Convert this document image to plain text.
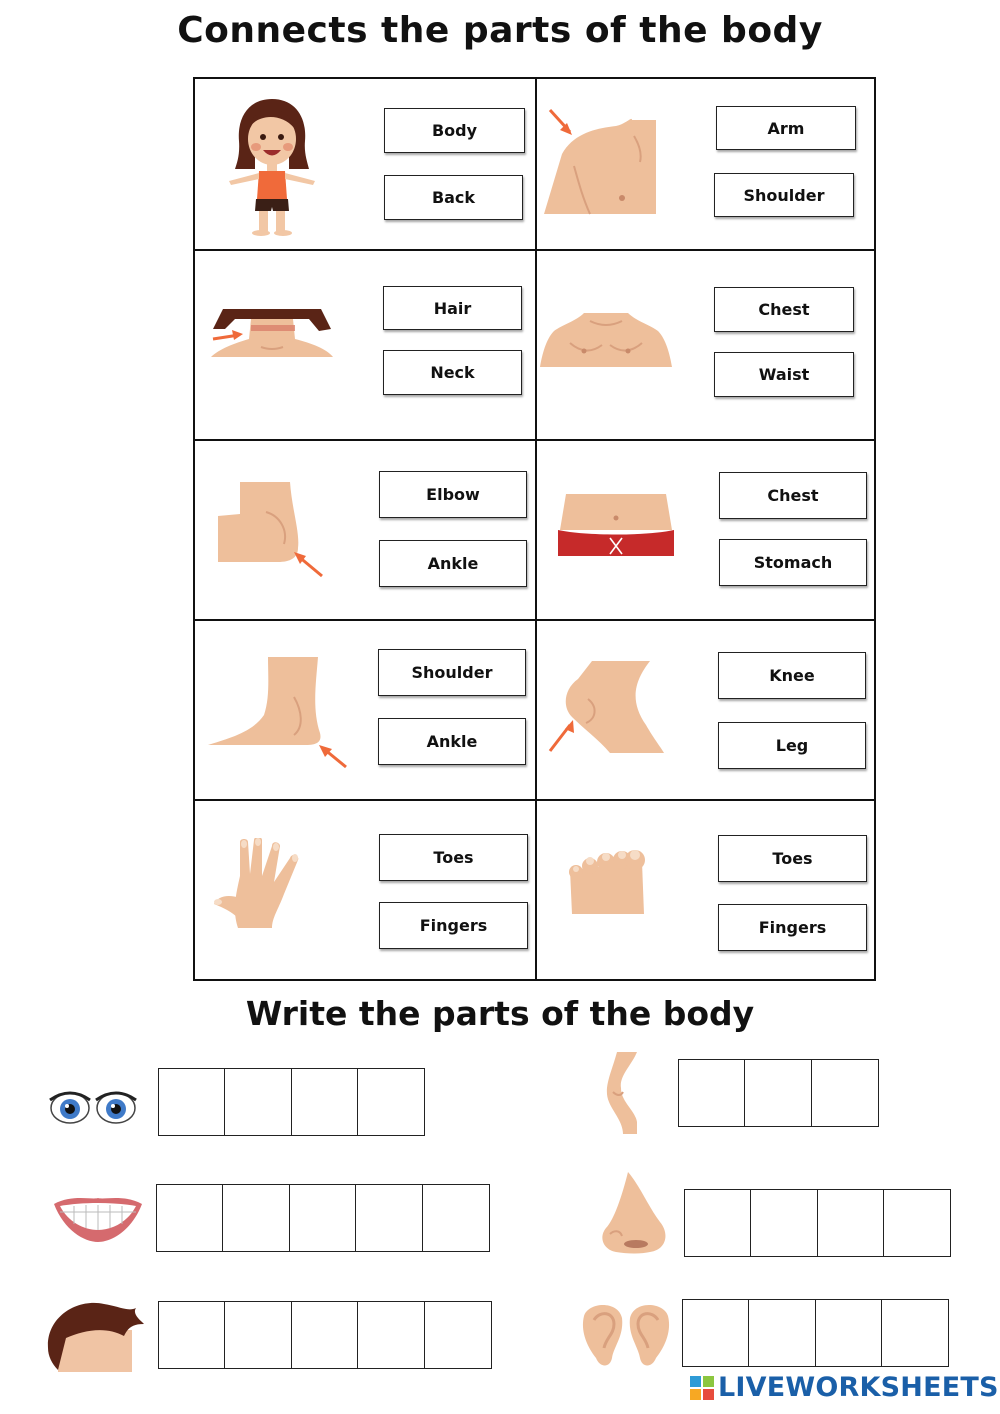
Connects the parts of the body
Body
Back
Arm
Shoulder
Hair
Neck
Chest
Waist
Elbow
Ankle
Chest
Stomach
Shoulder
Ankle
Knee
Leg
Toes
Fingers
Toes
Fingers
Write the parts of the body
LIVEWORKSHEETS
